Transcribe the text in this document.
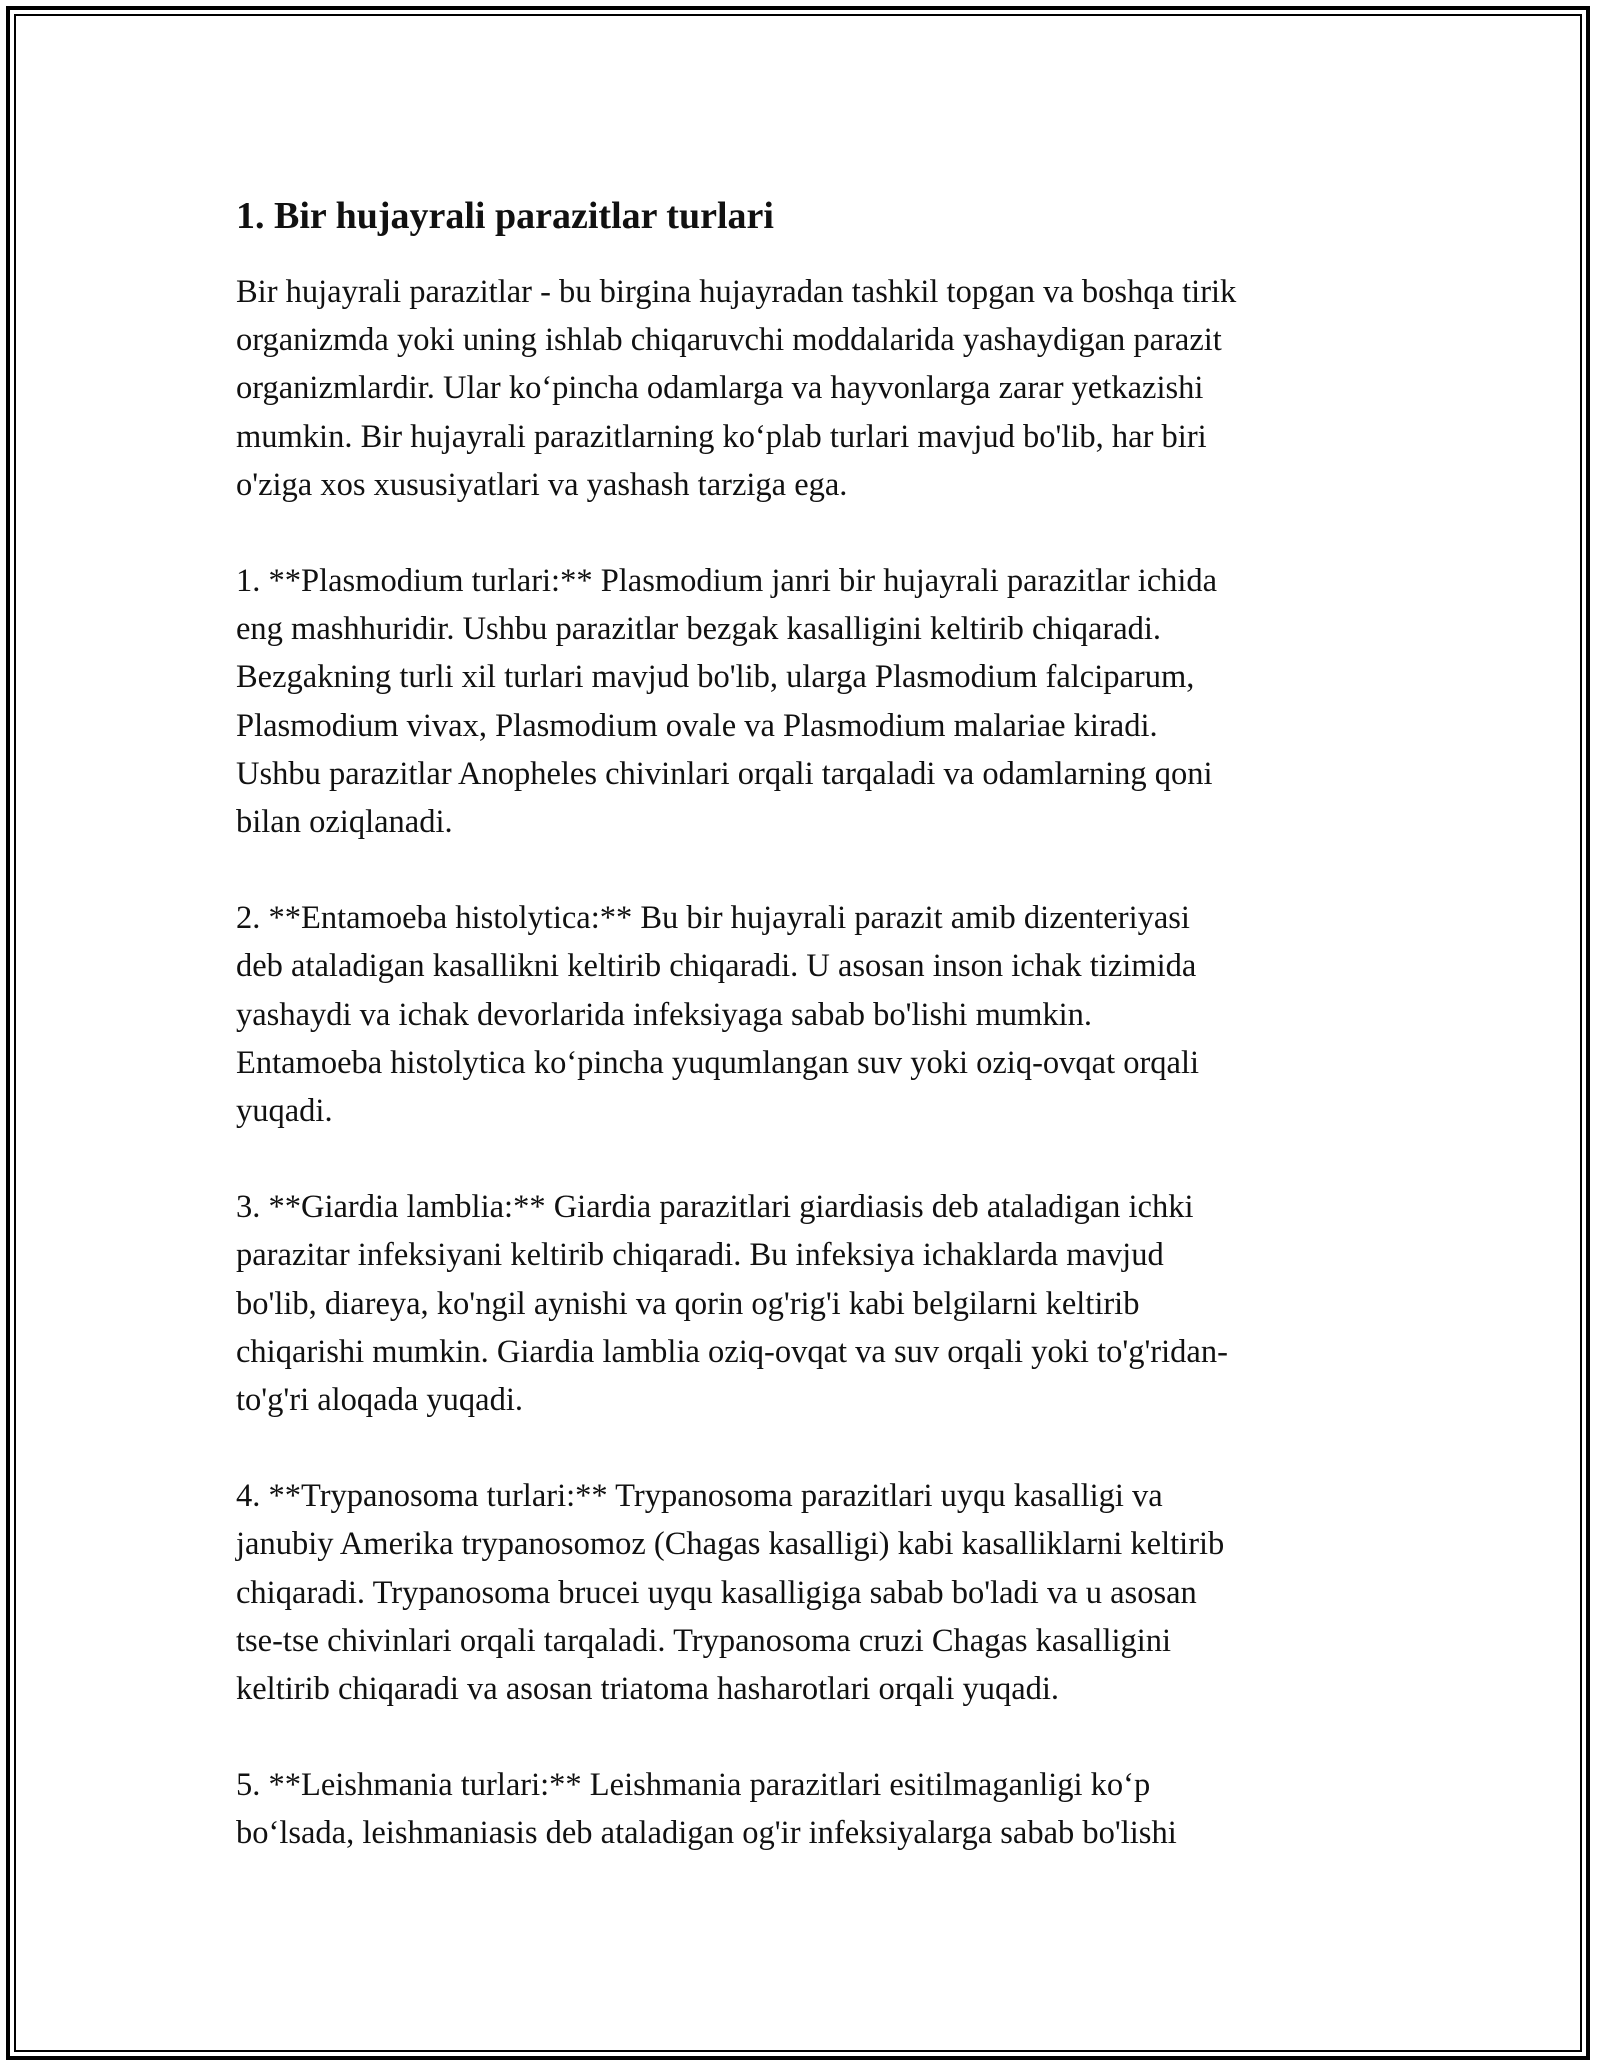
1. Bir hujayrali parazitlar turlari

Bir hujayrali parazitlar - bu birgina hujayradan tashkil topgan va boshqa tirik
organizmda yoki uning ishlab chiqaruvchi moddalarida yashaydigan parazit
organizmlardir. Ular ko‘pincha odamlarga va hayvonlarga zarar yetkazishi
mumkin. Bir hujayrali parazitlarning ko‘plab turlari mavjud bo'lib, har biri
o'ziga xos xususiyatlari va yashash tarziga ega.

1. **Plasmodium turlari:** Plasmodium janri bir hujayrali parazitlar ichida
eng mashhuridir. Ushbu parazitlar bezgak kasalligini keltirib chiqaradi.
Bezgakning turli xil turlari mavjud bo'lib, ularga Plasmodium falciparum,
Plasmodium vivax, Plasmodium ovale va Plasmodium malariae kiradi.
Ushbu parazitlar Anopheles chivinlari orqali tarqaladi va odamlarning qoni
bilan oziqlanadi.

2. **Entamoeba histolytica:** Bu bir hujayrali parazit amib dizenteriyasi
deb ataladigan kasallikni keltirib chiqaradi. U asosan inson ichak tizimida
yashaydi va ichak devorlarida infeksiyaga sabab bo'lishi mumkin.
Entamoeba histolytica ko‘pincha yuqumlangan suv yoki oziq-ovqat orqali
yuqadi.

3. **Giardia lamblia:** Giardia parazitlari giardiasis deb ataladigan ichki
parazitar infeksiyani keltirib chiqaradi. Bu infeksiya ichaklarda mavjud
bo'lib, diareya, ko'ngil aynishi va qorin og'rig'i kabi belgilarni keltirib
chiqarishi mumkin. Giardia lamblia oziq-ovqat va suv orqali yoki to'g'ridan-
to'g'ri aloqada yuqadi.

4. **Trypanosoma turlari:** Trypanosoma parazitlari uyqu kasalligi va
janubiy Amerika trypanosomoz (Chagas kasalligi) kabi kasalliklarni keltirib
chiqaradi. Trypanosoma brucei uyqu kasalligiga sabab bo'ladi va u asosan
tse-tse chivinlari orqali tarqaladi. Trypanosoma cruzi Chagas kasalligini
keltirib chiqaradi va asosan triatoma hasharotlari orqali yuqadi.

5. **Leishmania turlari:** Leishmania parazitlari esitilmaganligi ko‘p
bo‘lsada, leishmaniasis deb ataladigan og'ir infeksiyalarga sabab bo'lishi
